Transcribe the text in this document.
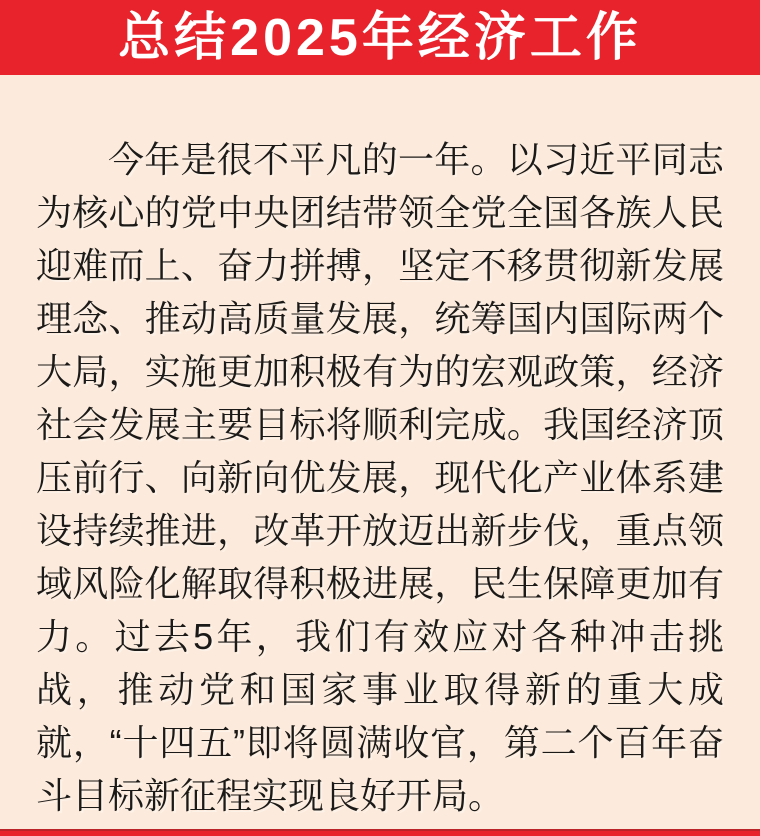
总结2025年经济工作

今年是很不平凡的一年。以习近平同志为核心的党中央团结带领全党全国各族人民迎难而上、奋力拼搏，坚定不移贯彻新发展理念、推动高质量发展，统筹国内国际两个大局，实施更加积极有为的宏观政策，经济社会发展主要目标将顺利完成。我国经济顶压前行、向新向优发展，现代化产业体系建设持续推进，改革开放迈出新步伐，重点领域风险化解取得积极进展，民生保障更加有力。过去5年，我们有效应对各种冲击挑战，推动党和国家事业取得新的重大成就，“十四五”即将圆满收官，第二个百年奋斗目标新征程实现良好开局。
